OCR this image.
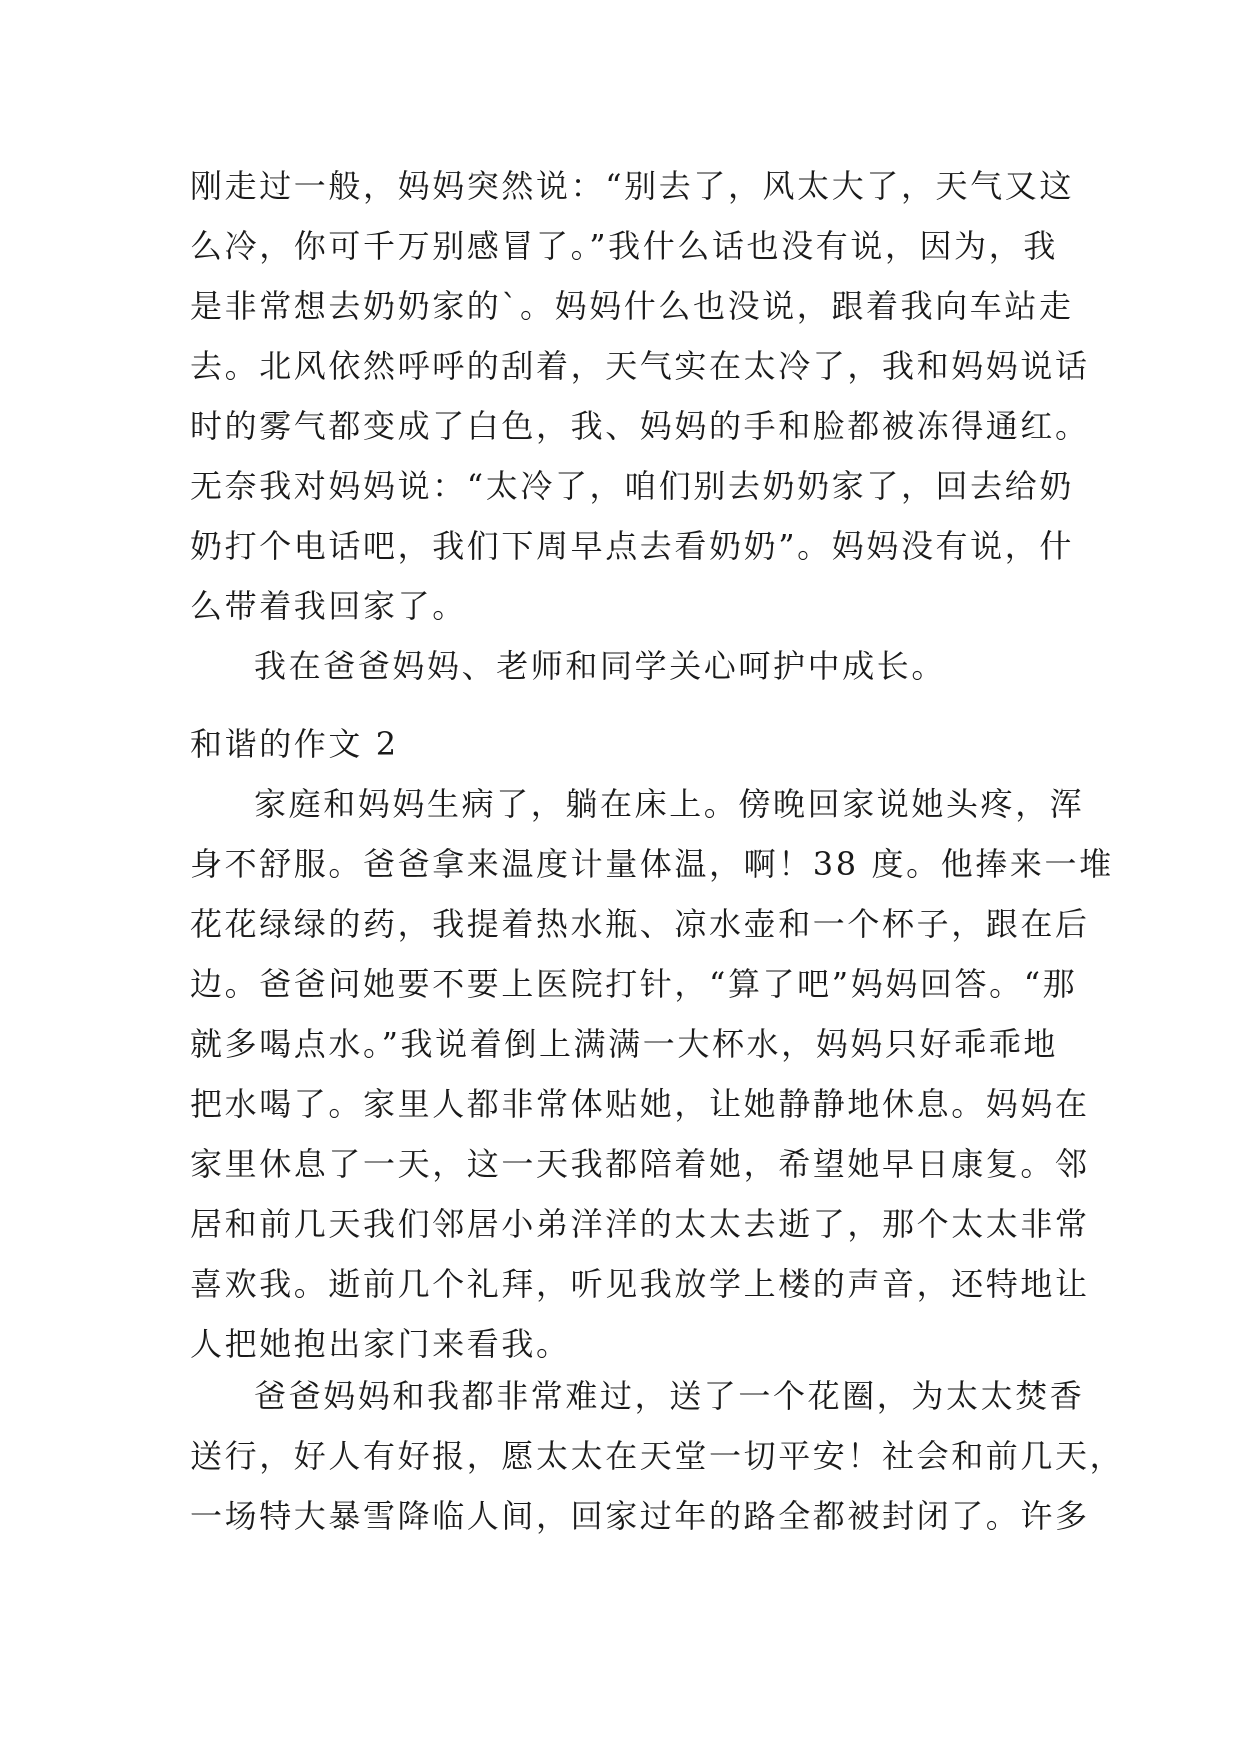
刚走过一般，妈妈突然说：“别去了，风太大了，天气又这
么冷，你可千万别感冒了。”我什么话也没有说，因为，我
是非常想去奶奶家的`。妈妈什么也没说，跟着我向车站走
去。北风依然呼呼的刮着，天气实在太冷了，我和妈妈说话
时的雾气都变成了白色，我、妈妈的手和脸都被冻得通红。
无奈我对妈妈说：“太冷了，咱们别去奶奶家了，回去给奶
奶打个电话吧，我们下周早点去看奶奶”。妈妈没有说，什
么带着我回家了。
我在爸爸妈妈、老师和同学关心呵护中成长。
和谐的作文 2
家庭和妈妈生病了，躺在床上。傍晚回家说她头疼，浑
身不舒服。爸爸拿来温度计量体温，啊！38 度。他捧来一堆
花花绿绿的药，我提着热水瓶、凉水壶和一个杯子，跟在后
边。爸爸问她要不要上医院打针，“算了吧”妈妈回答。“那
就多喝点水。”我说着倒上满满一大杯水，妈妈只好乖乖地
把水喝了。家里人都非常体贴她，让她静静地休息。妈妈在
家里休息了一天，这一天我都陪着她，希望她早日康复。邻
居和前几天我们邻居小弟洋洋的太太去逝了，那个太太非常
喜欢我。逝前几个礼拜，听见我放学上楼的声音，还特地让
人把她抱出家门来看我。
爸爸妈妈和我都非常难过，送了一个花圈，为太太焚香
送行，好人有好报，愿太太在天堂一切平安！社会和前几天，
一场特大暴雪降临人间，回家过年的路全都被封闭了。许多
